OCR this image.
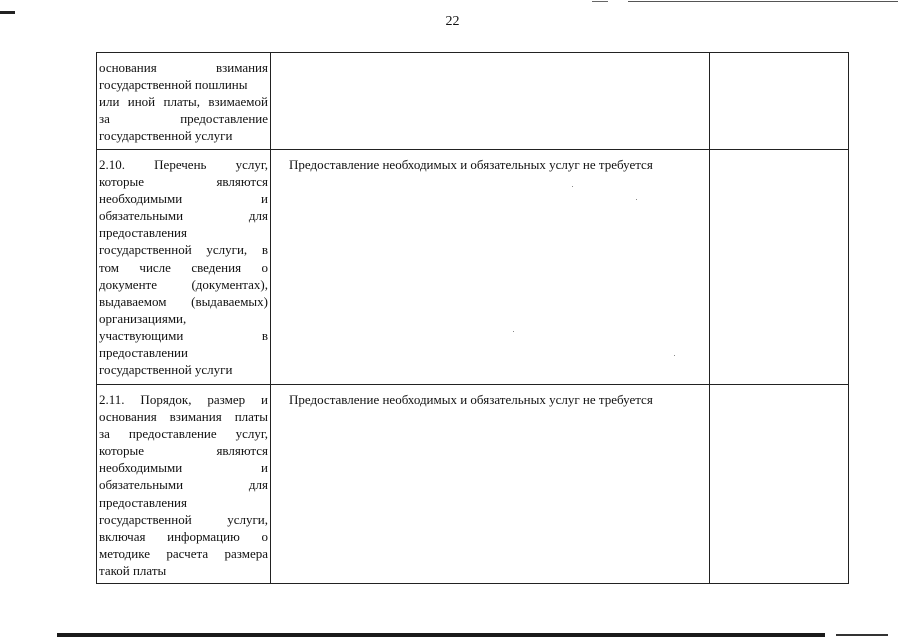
22
основания взимания
государственной пошлины
или иной платы, взимаемой
за предоставление
государственной услуги
2.10. Перечень услуг,
которые являются
необходимыми и
обязательными для
предоставления
государственной услуги, в
том числе сведения о
документе (документах),
выдаваемом (выдаваемых)
организациями,
участвующими в
предоставлении
государственной услуги
Предоставление необходимых и обязательных услуг не требуется
2.11. Порядок, размер и
основания взимания платы
за предоставление услуг,
которые являются
необходимыми и
обязательными для
предоставления
государственной услуги,
включая информацию о
методике расчета размера
такой платы
Предоставление необходимых и обязательных услуг не требуется
